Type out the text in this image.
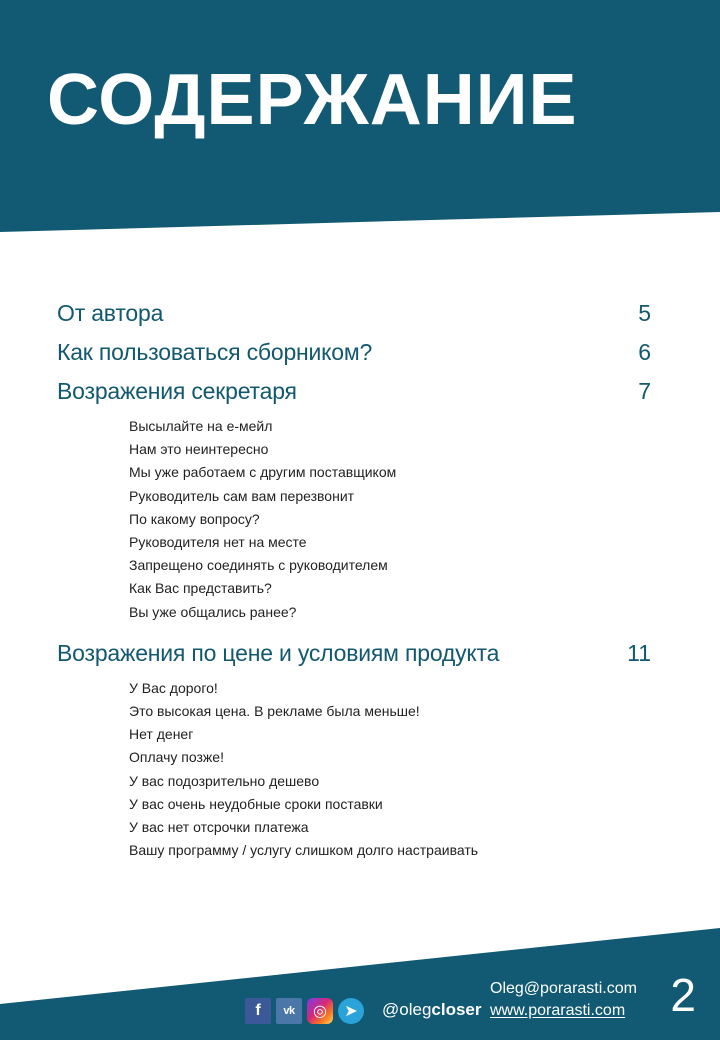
СОДЕРЖАНИЕ
От автора	5
Как пользоваться сборником?	6
Возражения секретаря	7
Высылайте на е-мейл
Нам это неинтересно
Мы уже работаем с другим поставщиком
Руководитель сам вам перезвонит
По какому вопросу?
Руководителя нет на месте
Запрещено соединять с руководителем
Как Вас представить?
Вы уже общались ранее?
Возражения по цене и условиям продукта	11
У Вас дорого!
Это высокая цена. В рекламе была меньше!
Нет денег
Оплачу позже!
У вас подозрительно дешево
У вас очень неудобные сроки поставки
У вас нет отсрочки платежа
Вашу программу / услугу слишком долго настраивать
f	vk	◎	➤	@olegcloser
Oleg@porarasti.com
www.porarasti.com 2
